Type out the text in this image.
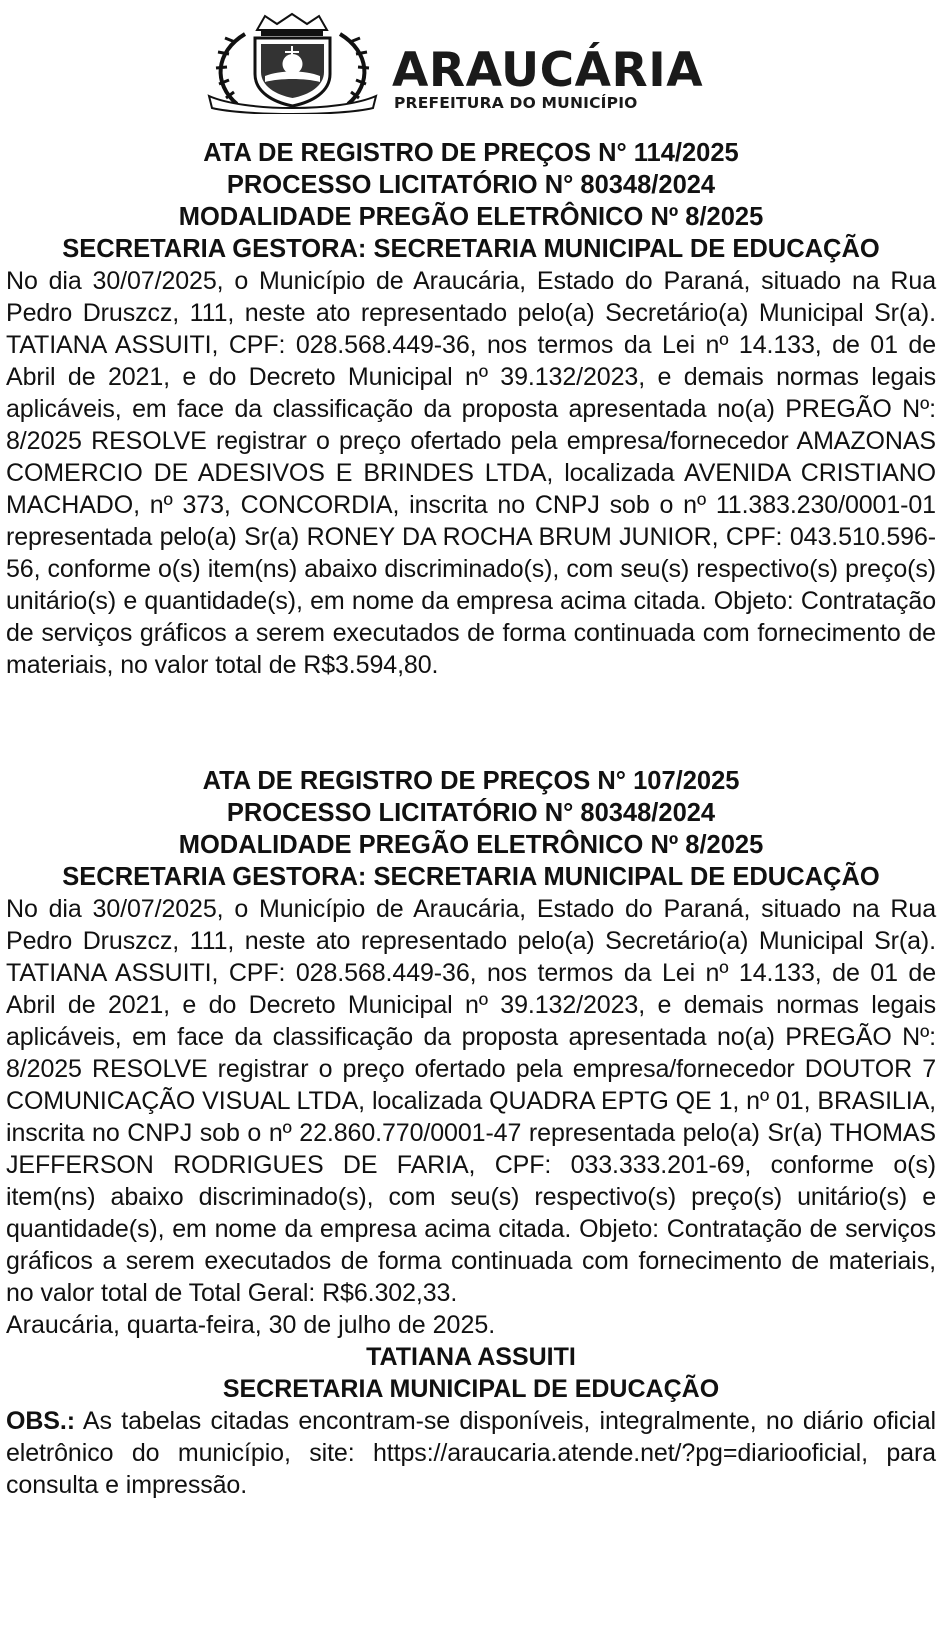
ARAUCÁRIA
PREFEITURA DO MUNICÍPIO
ATA DE REGISTRO DE PREÇOS N° 114/2025
PROCESSO LICITATÓRIO N° 80348/2024
MODALIDADE PREGÃO ELETRÔNICO Nº 8/2025
SECRETARIA GESTORA: SECRETARIA MUNICIPAL DE EDUCAÇÃO
No dia 30/07/2025, o Município de Araucária, Estado do Paraná, situado na Rua Pedro Druszcz, 111, neste ato representado pelo(a) Secretário(a) Municipal Sr(a). TATIANA ASSUITI, CPF: 028.568.449-36, nos termos da Lei nº 14.133, de 01 de Abril de 2021, e do Decreto Municipal nº 39.132/2023, e demais normas legais aplicáveis, em face da classificação da proposta apresentada no(a) PREGÃO Nº: 8/2025 RESOLVE registrar o preço ofertado pela empresa/fornecedor AMAZONAS COMERCIO DE ADESIVOS E BRINDES LTDA, localizada AVENIDA CRISTIANO MACHADO, nº 373, CONCORDIA, inscrita no CNPJ sob o nº 11.383.230/0001-01 representada pelo(a) Sr(a) RONEY DA ROCHA BRUM JUNIOR, CPF: 043.510.596-56, conforme o(s) item(ns) abaixo discriminado(s), com seu(s) respectivo(s) preço(s) unitário(s) e quantidade(s), em nome da empresa acima citada. Objeto: Contratação de serviços gráficos a serem executados de forma continuada com fornecimento de materiais, no valor total de R$3.594,80.
ATA DE REGISTRO DE PREÇOS N° 107/2025
PROCESSO LICITATÓRIO N° 80348/2024
MODALIDADE PREGÃO ELETRÔNICO Nº 8/2025
SECRETARIA GESTORA: SECRETARIA MUNICIPAL DE EDUCAÇÃO
No dia 30/07/2025, o Município de Araucária, Estado do Paraná, situado na Rua Pedro Druszcz, 111, neste ato representado pelo(a) Secretário(a) Municipal Sr(a). TATIANA ASSUITI, CPF: 028.568.449-36, nos termos da Lei nº 14.133, de 01 de Abril de 2021, e do Decreto Municipal nº 39.132/2023, e demais normas legais aplicáveis, em face da classificação da proposta apresentada no(a) PREGÃO Nº: 8/2025 RESOLVE registrar o preço ofertado pela empresa/fornecedor DOUTOR 7 COMUNICAÇÃO VISUAL LTDA, localizada QUADRA EPTG QE 1, nº 01, BRASILIA, inscrita no CNPJ sob o nº 22.860.770/0001-47 representada pelo(a) Sr(a) THOMAS JEFFERSON RODRIGUES DE FARIA, CPF: 033.333.201-69, conforme o(s) item(ns) abaixo discriminado(s), com seu(s) respectivo(s) preço(s) unitário(s) e quantidade(s), em nome da empresa acima citada. Objeto: Contratação de serviços gráficos a serem executados de forma continuada com fornecimento de materiais, no valor total de Total Geral: R$6.302,33.
Araucária, quarta-feira, 30 de julho de 2025.
TATIANA ASSUITI
SECRETARIA MUNICIPAL DE EDUCAÇÃO
OBS.: As tabelas citadas encontram-se disponíveis, integralmente, no diário oficial eletrônico do município, site: https://araucaria.atende.net/?pg=diariooficial, para consulta e impressão.
